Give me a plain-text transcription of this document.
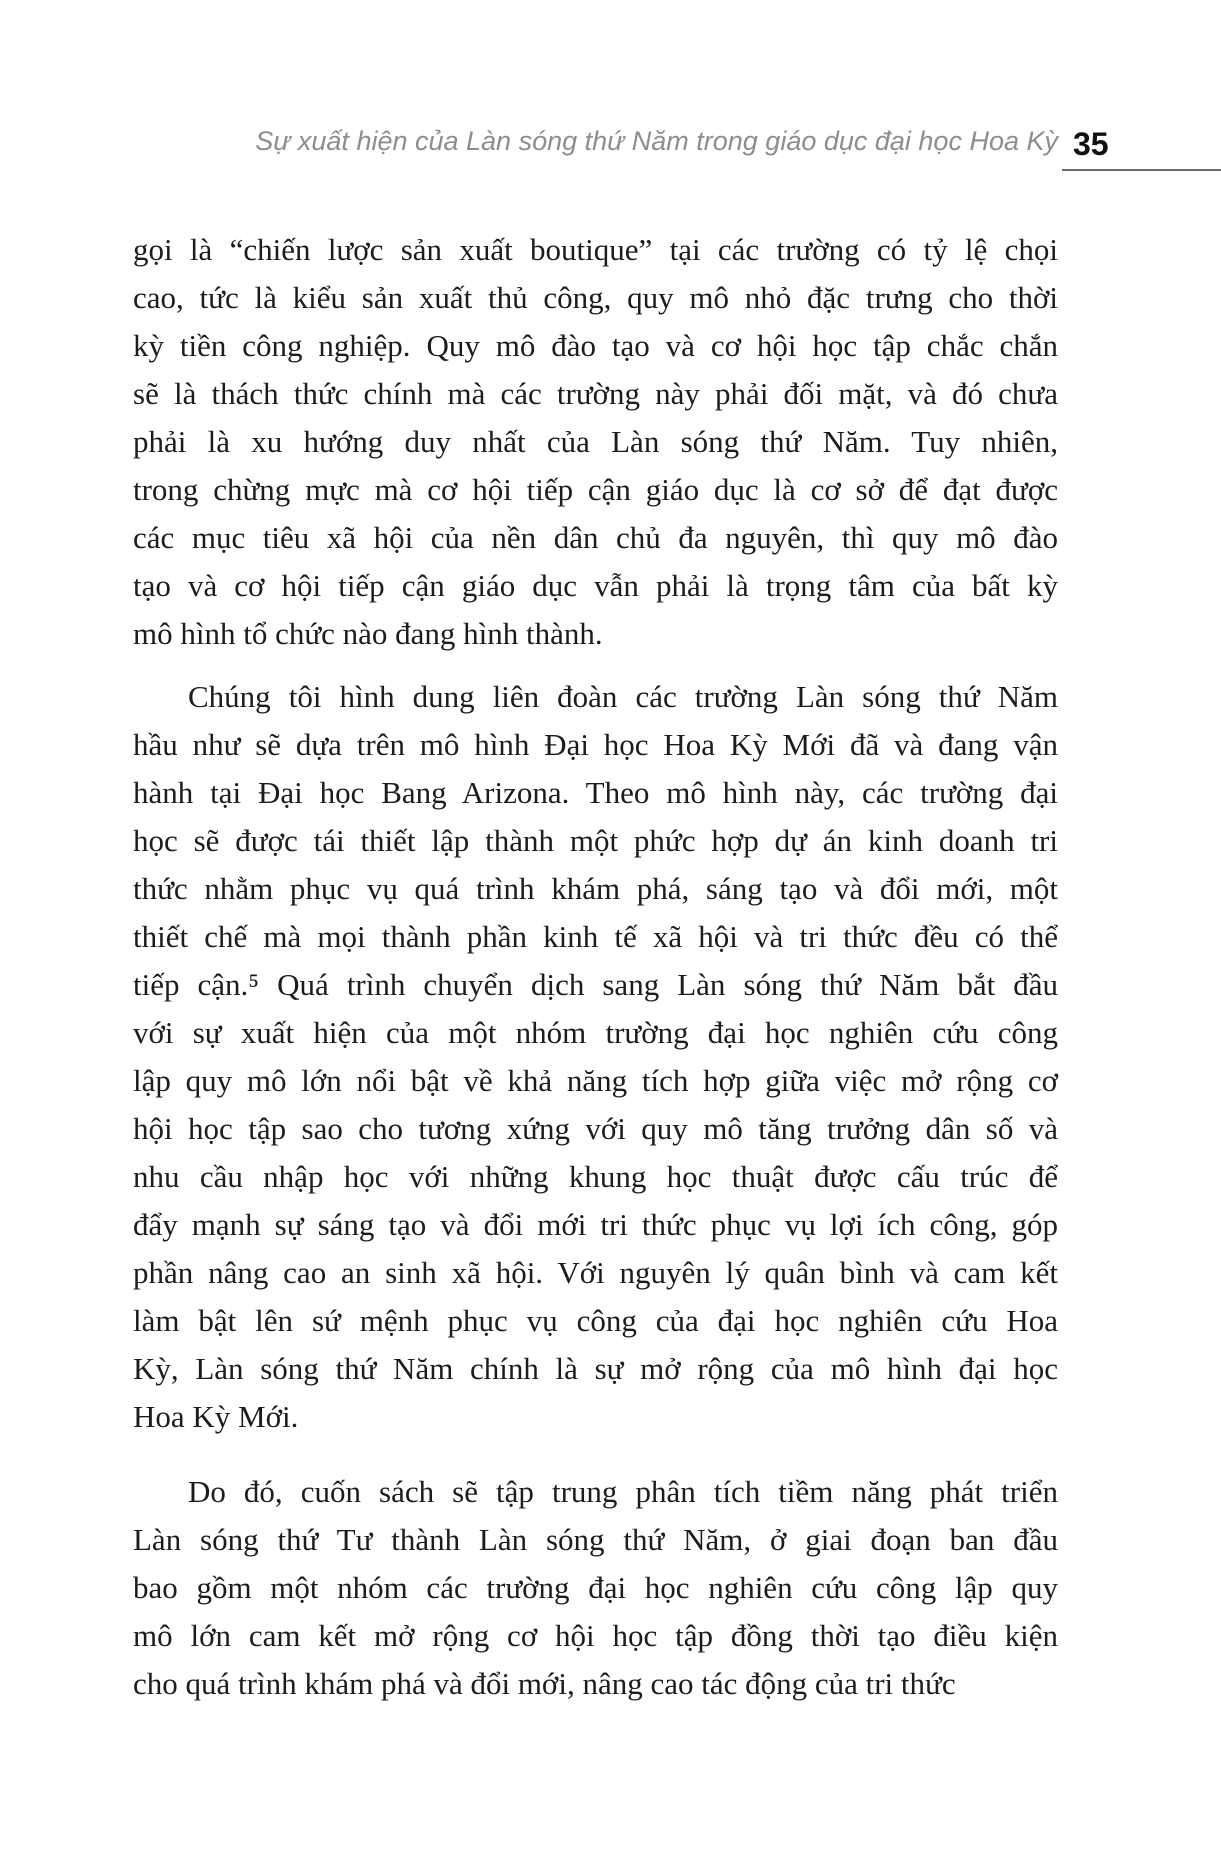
Sự xuất hiện của Làn sóng thứ Năm trong giáo dục đại học Hoa Kỳ 35
gọi là “chiến lược sản xuất boutique” tại các trường có tỷ lệ chọi
cao, tức là kiểu sản xuất thủ công, quy mô nhỏ đặc trưng cho thời
kỳ tiền công nghiệp. Quy mô đào tạo và cơ hội học tập chắc chắn
sẽ là thách thức chính mà các trường này phải đối mặt, và đó chưa
phải là xu hướng duy nhất của Làn sóng thứ Năm. Tuy nhiên,
trong chừng mực mà cơ hội tiếp cận giáo dục là cơ sở để đạt được
các mục tiêu xã hội của nền dân chủ đa nguyên, thì quy mô đào
tạo và cơ hội tiếp cận giáo dục vẫn phải là trọng tâm của bất kỳ
mô hình tổ chức nào đang hình thành.
Chúng tôi hình dung liên đoàn các trường Làn sóng thứ Năm
hầu như sẽ dựa trên mô hình Đại học Hoa Kỳ Mới đã và đang vận
hành tại Đại học Bang Arizona. Theo mô hình này, các trường đại
học sẽ được tái thiết lập thành một phức hợp dự án kinh doanh tri
thức nhằm phục vụ quá trình khám phá, sáng tạo và đổi mới, một
thiết chế mà mọi thành phần kinh tế xã hội và tri thức đều có thể
tiếp cận.⁵ Quá trình chuyển dịch sang Làn sóng thứ Năm bắt đầu
với sự xuất hiện của một nhóm trường đại học nghiên cứu công
lập quy mô lớn nổi bật về khả năng tích hợp giữa việc mở rộng cơ
hội học tập sao cho tương xứng với quy mô tăng trưởng dân số và
nhu cầu nhập học với những khung học thuật được cấu trúc để
đẩy mạnh sự sáng tạo và đổi mới tri thức phục vụ lợi ích công, góp
phần nâng cao an sinh xã hội. Với nguyên lý quân bình và cam kết
làm bật lên sứ mệnh phục vụ công của đại học nghiên cứu Hoa
Kỳ, Làn sóng thứ Năm chính là sự mở rộng của mô hình đại học
Hoa Kỳ Mới.
Do đó, cuốn sách sẽ tập trung phân tích tiềm năng phát triển
Làn sóng thứ Tư thành Làn sóng thứ Năm, ở giai đoạn ban đầu
bao gồm một nhóm các trường đại học nghiên cứu công lập quy
mô lớn cam kết mở rộng cơ hội học tập đồng thời tạo điều kiện
cho quá trình khám phá và đổi mới, nâng cao tác động của tri thức
